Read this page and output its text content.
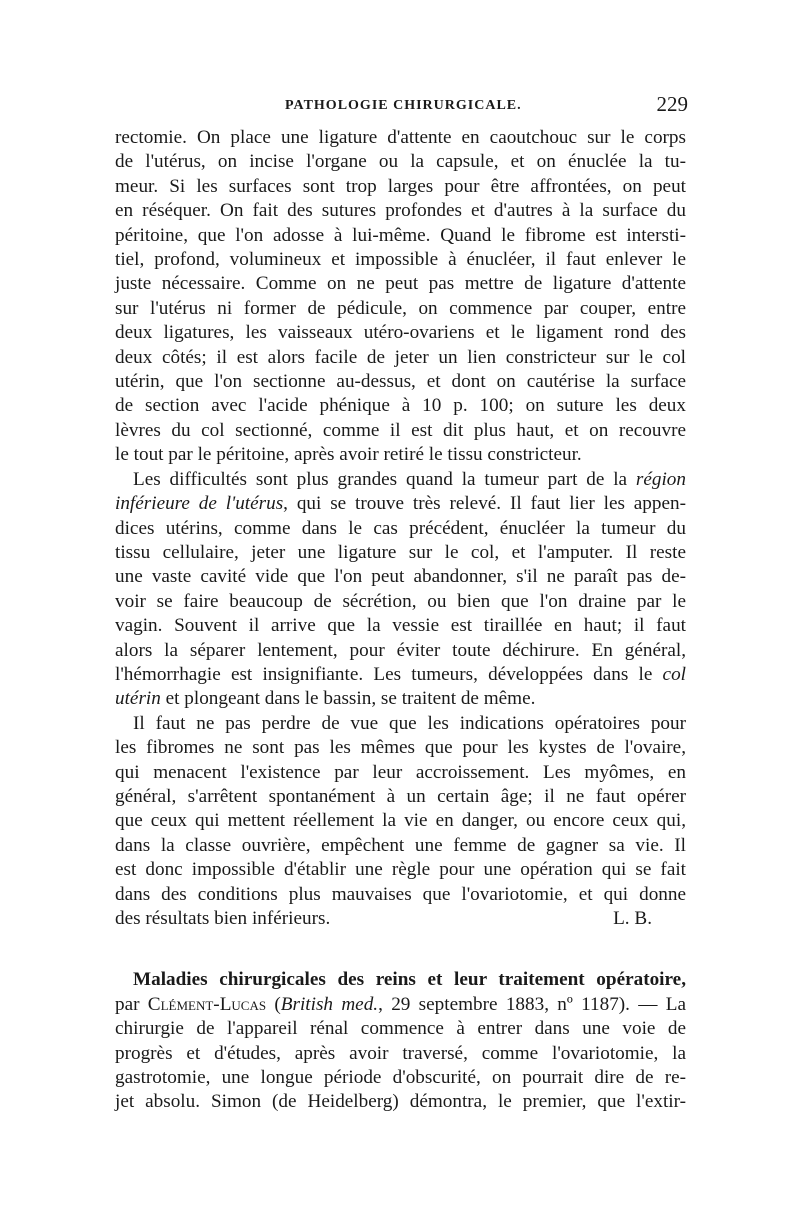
PATHOLOGIE CHIRURGICALE.	229

rectomie. On place une ligature d'attente en caoutchouc sur le corps

de l'utérus, on incise l'organe ou la capsule, et on énuclée la tu-

meur. Si les surfaces sont trop larges pour être affrontées, on peut

en réséquer. On fait des sutures profondes et d'autres à la surface du

péritoine, que l'on adosse à lui-même. Quand le fibrome est intersti-

tiel, profond, volumineux et impossible à énucléer, il faut enlever le

juste nécessaire. Comme on ne peut pas mettre de ligature d'attente

sur l'utérus ni former de pédicule, on commence par couper, entre

deux ligatures, les vaisseaux utéro-ovariens et le ligament rond des

deux côtés; il est alors facile de jeter un lien constricteur sur le col

utérin, que l'on sectionne au-dessus, et dont on cautérise la surface

de section avec l'acide phénique à 10 p. 100; on suture les deux

lèvres du col sectionné, comme il est dit plus haut, et on recouvre

le tout par le péritoine, après avoir retiré le tissu constricteur.

Les difficultés sont plus grandes quand la tumeur part de la région

inférieure de l'utérus, qui se trouve très relevé. Il faut lier les appen-

dices utérins, comme dans le cas précédent, énucléer la tumeur du

tissu cellulaire, jeter une ligature sur le col, et l'amputer. Il reste

une vaste cavité vide que l'on peut abandonner, s'il ne paraît pas de-

voir se faire beaucoup de sécrétion, ou bien que l'on draine par le

vagin. Souvent il arrive que la vessie est tiraillée en haut; il faut

alors la séparer lentement, pour éviter toute déchirure. En général,

l'hémorrhagie est insignifiante. Les tumeurs, développées dans le col

utérin et plongeant dans le bassin, se traitent de même.

Il faut ne pas perdre de vue que les indications opératoires pour

les fibromes ne sont pas les mêmes que pour les kystes de l'ovaire,

qui menacent l'existence par leur accroissement. Les myômes, en

général, s'arrêtent spontanément à un certain âge; il ne faut opérer

que ceux qui mettent réellement la vie en danger, ou encore ceux qui,

dans la classe ouvrière, empêchent une femme de gagner sa vie. Il

est donc impossible d'établir une règle pour une opération qui se fait

dans des conditions plus mauvaises que l'ovariotomie, et qui donne

des résultats bien inférieurs.	L. B.

Maladies chirurgicales des reins et leur traitement opératoire,

par Clément-Lucas (British med., 29 septembre 1883, nº 1187). — La

chirurgie de l'appareil rénal commence à entrer dans une voie de

progrès et d'études, après avoir traversé, comme l'ovariotomie, la

gastrotomie, une longue période d'obscurité, on pourrait dire de re-

jet absolu. Simon (de Heidelberg) démontra, le premier, que l'extir-
